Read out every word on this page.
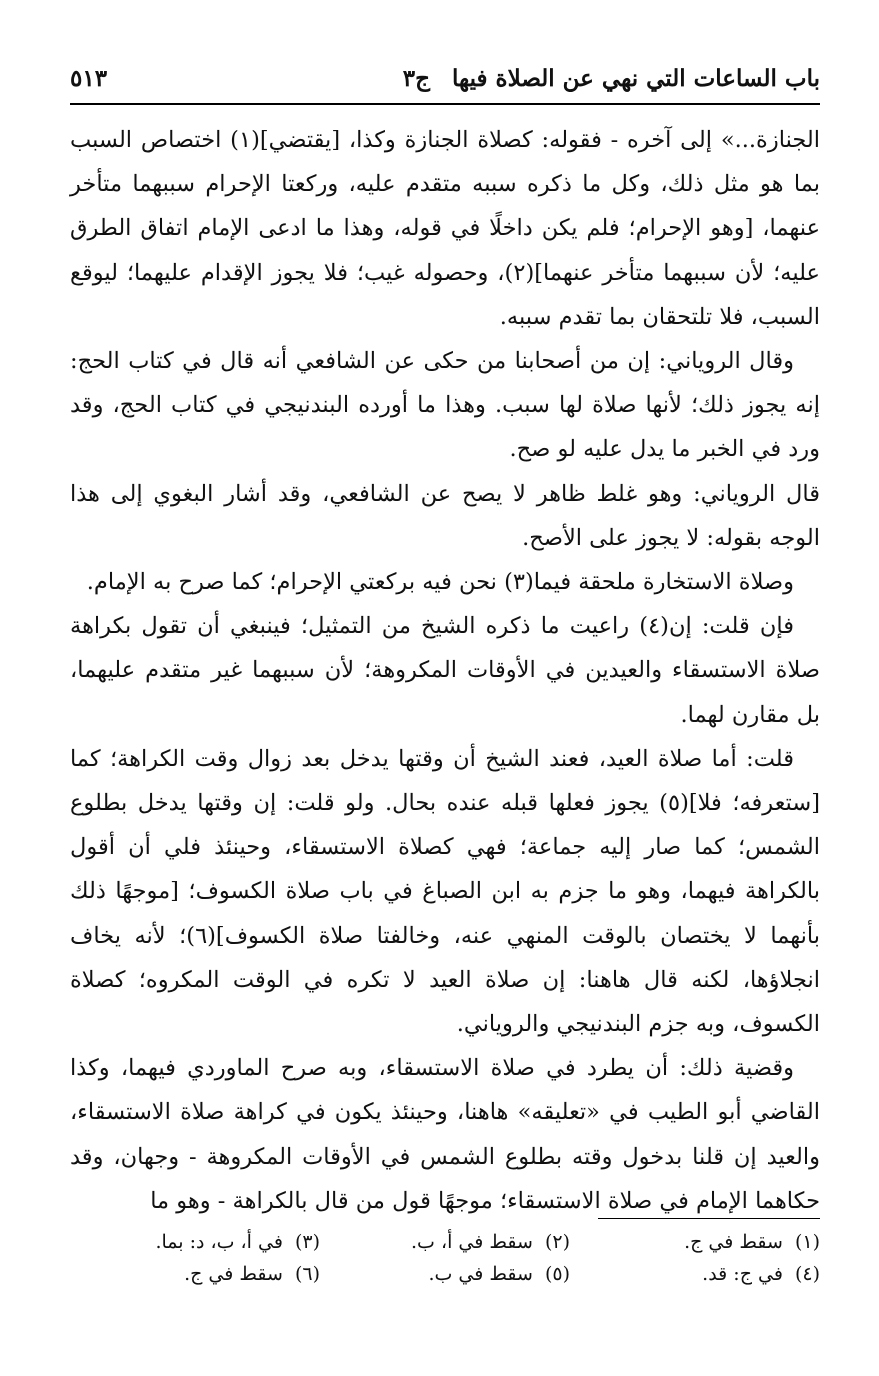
باب الساعات التي نهي عن الصلاة فيها
ج٣
٥١٣

الجنازة...» إلى آخره - فقوله: كصلاة الجنازة وكذا، [يقتضي](١) اختصاص السبب بما هو مثل ذلك، وكل ما ذكره سببه متقدم عليه، وركعتا الإحرام سببهما متأخر عنهما، [وهو الإحرام؛ فلم يكن داخلًا في قوله، وهذا ما ادعى الإمام اتفاق الطرق عليه؛ لأن سببهما متأخر عنهما](٢)، وحصوله غيب؛ فلا يجوز الإقدام عليهما؛ ليوقع السبب، فلا تلتحقان بما تقدم سببه.

وقال الروياني: إن من أصحابنا من حكى عن الشافعي أنه قال في كتاب الحج: إنه يجوز ذلك؛ لأنها صلاة لها سبب. وهذا ما أورده البندنيجي في كتاب الحج، وقد ورد في الخبر ما يدل عليه لو صح.

قال الروياني: وهو غلط ظاهر لا يصح عن الشافعي، وقد أشار البغوي إلى هذا الوجه بقوله: لا يجوز على الأصح.

وصلاة الاستخارة ملحقة فيما(٣) نحن فيه بركعتي الإحرام؛ كما صرح به الإمام.

فإن قلت: إن(٤) راعيت ما ذكره الشيخ من التمثيل؛ فينبغي أن تقول بكراهة صلاة الاستسقاء والعيدين في الأوقات المكروهة؛ لأن سببهما غير متقدم عليهما، بل مقارن لهما.

قلت: أما صلاة العيد، فعند الشيخ أن وقتها يدخل بعد زوال وقت الكراهة؛ كما [ستعرفه؛ فلا](٥) يجوز فعلها قبله عنده بحال. ولو قلت: إن وقتها يدخل بطلوع الشمس؛ كما صار إليه جماعة؛ فهي كصلاة الاستسقاء، وحينئذ فلي أن أقول بالكراهة فيهما، وهو ما جزم به ابن الصباغ في باب صلاة الكسوف؛ [موجهًا ذلك بأنهما لا يختصان بالوقت المنهي عنه، وخالفتا صلاة الكسوف](٦)؛ لأنه يخاف انجلاؤها، لكنه قال هاهنا: إن صلاة العيد لا تكره في الوقت المكروه؛ كصلاة الكسوف، وبه جزم البندنيجي والروياني.

وقضية ذلك: أن يطرد في صلاة الاستسقاء، وبه صرح الماوردي فيهما، وكذا القاضي أبو الطيب في «تعليقه» هاهنا، وحينئذ يكون في كراهة صلاة الاستسقاء، والعيد إن قلنا بدخول وقته بطلوع الشمس في الأوقات المكروهة - وجهان، وقد حكاهما الإمام في صلاة الاستسقاء؛ موجهًا قول من قال بالكراهة - وهو ما

(١)سقط في ج.
(٢)سقط في أ، ب.
(٣)في أ، ب، د: بما.
(٤)في ج: قد.
(٥)سقط في ب.
(٦)سقط في ج.
